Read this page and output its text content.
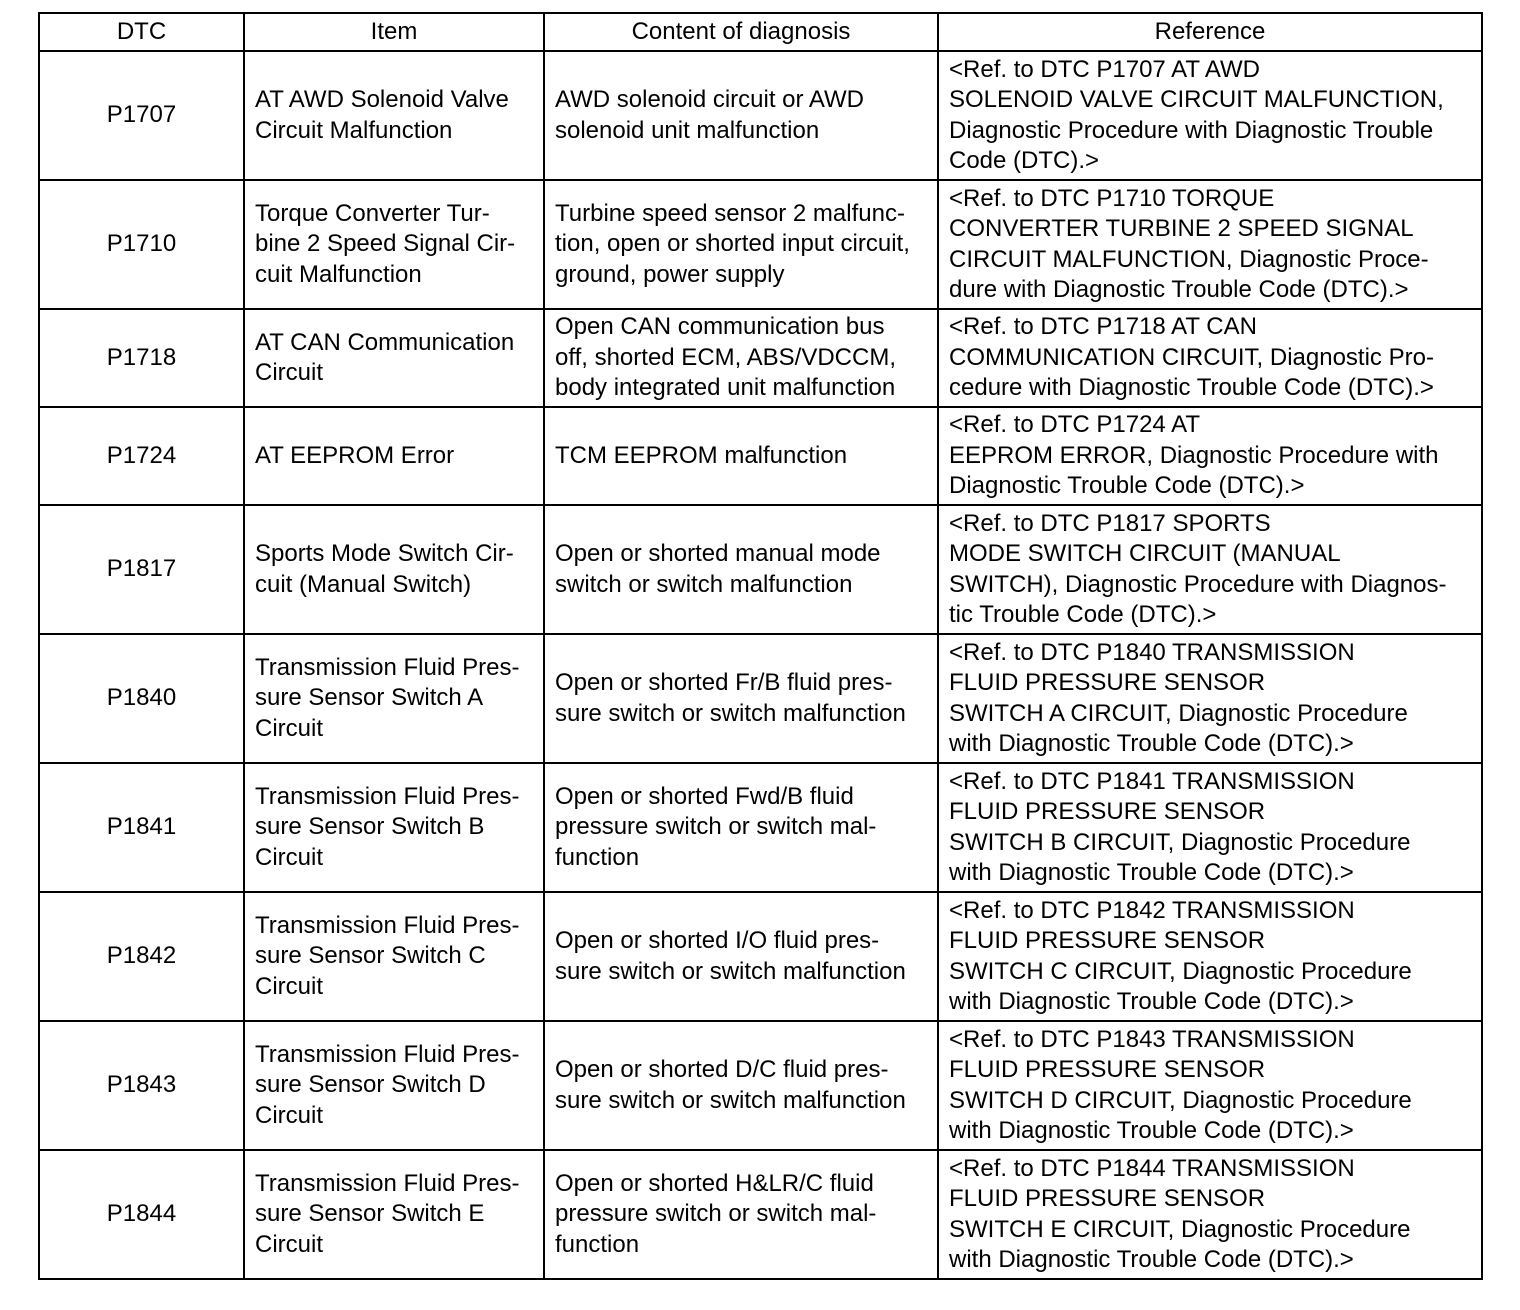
DTC	Item	Content of diagnosis	Reference
P1707	AT AWD Solenoid Valve
Circuit Malfunction	AWD solenoid circuit or AWD
solenoid unit malfunction	<Ref. to DTC P1707 AT AWD
SOLENOID VALVE CIRCUIT MALFUNCTION,
Diagnostic Procedure with Diagnostic Trouble
Code (DTC).>
P1710	Torque Converter Tur-
bine 2 Speed Signal Cir-
cuit Malfunction	Turbine speed sensor 2 malfunc-
tion, open or shorted input circuit,
ground, power supply	<Ref. to DTC P1710 TORQUE
CONVERTER TURBINE 2 SPEED SIGNAL
CIRCUIT MALFUNCTION, Diagnostic Proce-
dure with Diagnostic Trouble Code (DTC).>
P1718	AT CAN Communication
Circuit	Open CAN communication bus
off, shorted ECM, ABS/VDCCM,
body integrated unit malfunction	<Ref. to DTC P1718 AT CAN
COMMUNICATION CIRCUIT, Diagnostic Pro-
cedure with Diagnostic Trouble Code (DTC).>
P1724	AT EEPROM Error	TCM EEPROM malfunction	<Ref. to DTC P1724 AT
EEPROM ERROR, Diagnostic Procedure with
Diagnostic Trouble Code (DTC).>
P1817	Sports Mode Switch Cir-
cuit (Manual Switch)	Open or shorted manual mode
switch or switch malfunction	<Ref. to DTC P1817 SPORTS
MODE SWITCH CIRCUIT (MANUAL
SWITCH), Diagnostic Procedure with Diagnos-
tic Trouble Code (DTC).>
P1840	Transmission Fluid Pres-
sure Sensor Switch A
Circuit	Open or shorted Fr/B fluid pres-
sure switch or switch malfunction	<Ref. to DTC P1840 TRANSMISSION
FLUID PRESSURE SENSOR
SWITCH A CIRCUIT, Diagnostic Procedure
with Diagnostic Trouble Code (DTC).>
P1841	Transmission Fluid Pres-
sure Sensor Switch B
Circuit	Open or shorted Fwd/B fluid
pressure switch or switch mal-
function	<Ref. to DTC P1841 TRANSMISSION
FLUID PRESSURE SENSOR
SWITCH B CIRCUIT, Diagnostic Procedure
with Diagnostic Trouble Code (DTC).>
P1842	Transmission Fluid Pres-
sure Sensor Switch C
Circuit	Open or shorted I/O fluid pres-
sure switch or switch malfunction	<Ref. to DTC P1842 TRANSMISSION
FLUID PRESSURE SENSOR
SWITCH C CIRCUIT, Diagnostic Procedure
with Diagnostic Trouble Code (DTC).>
P1843	Transmission Fluid Pres-
sure Sensor Switch D
Circuit	Open or shorted D/C fluid pres-
sure switch or switch malfunction	<Ref. to DTC P1843 TRANSMISSION
FLUID PRESSURE SENSOR
SWITCH D CIRCUIT, Diagnostic Procedure
with Diagnostic Trouble Code (DTC).>
P1844	Transmission Fluid Pres-
sure Sensor Switch E
Circuit	Open or shorted H&LR/C fluid
pressure switch or switch mal-
function	<Ref. to DTC P1844 TRANSMISSION
FLUID PRESSURE SENSOR
SWITCH E CIRCUIT, Diagnostic Procedure
with Diagnostic Trouble Code (DTC).>
